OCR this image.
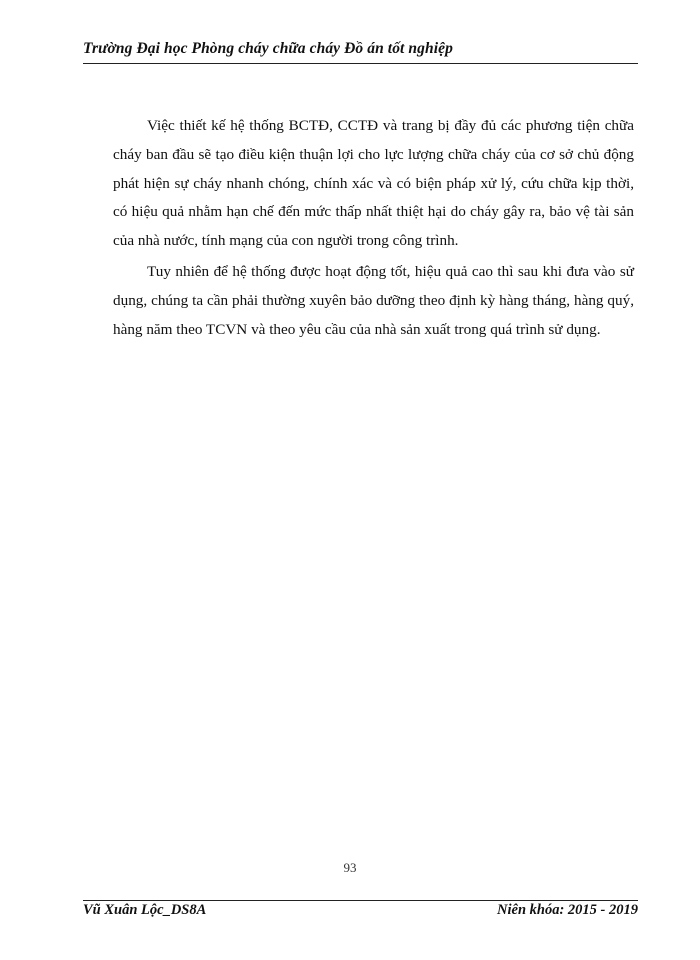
Trường Đại học Phòng cháy chữa cháy Đồ án tốt nghiệp

Việc thiết kế hệ thống BCTĐ, CCTĐ và trang bị đầy đủ các phương tiện chữa cháy ban đầu sẽ tạo điều kiện thuận lợi cho lực lượng chữa cháy của cơ sở chủ động phát hiện sự cháy nhanh chóng, chính xác và có biện pháp xử lý, cứu chữa kịp thời, có hiệu quả nhằm hạn chế đến mức thấp nhất thiệt hại do cháy gây ra, bảo vệ tài sản của nhà nước, tính mạng của con người trong công trình.

Tuy nhiên để hệ thống được hoạt động tốt, hiệu quả cao thì sau khi đưa vào sử dụng, chúng ta cần phải thường xuyên bảo dưỡng theo định kỳ hàng tháng, hàng quý, hàng năm theo TCVN và theo yêu cầu của nhà sản xuất trong quá trình sử dụng.

93
Vũ Xuân Lộc_DS8A	Niên khóa: 2015 - 2019
